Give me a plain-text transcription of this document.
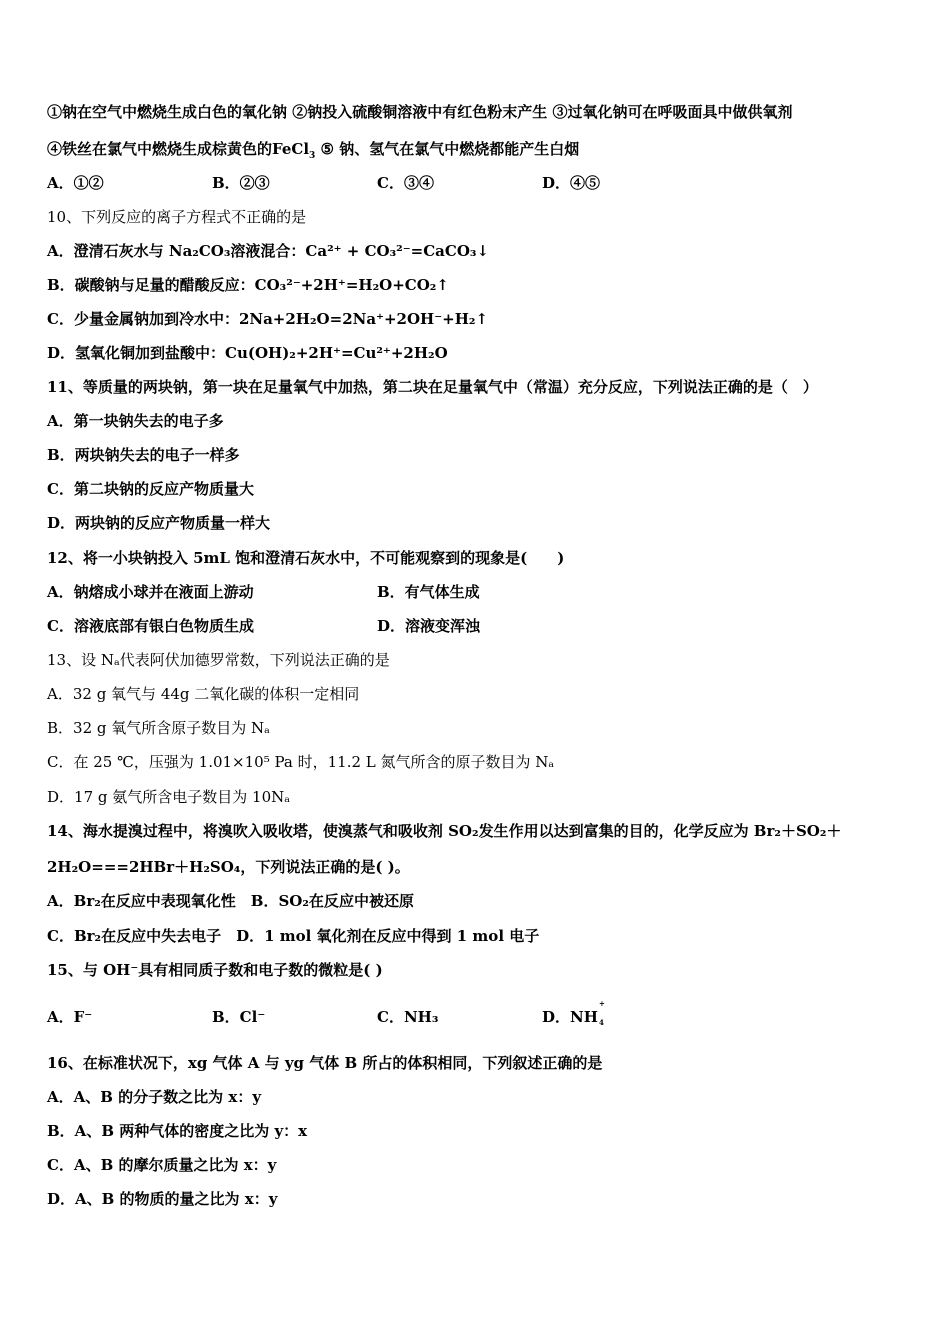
①钠在空气中燃烧生成白色的氧化钠 ②钠投入硫酸铜溶液中有红色粉末产生 ③过氧化钠可在呼吸面具中做供氧剂
④铁丝在氯气中燃烧生成棕黄色的FeCl$_3$ ⑤ 钠、氢气在氯气中燃烧都能产生白烟
A．①②	B．②③	C．③④	D．④⑤
10、下列反应的离子方程式不正确的是
A．澄清石灰水与 Na₂CO₃溶液混合：Ca²⁺ + CO₃²⁻=CaCO₃↓
B．碳酸钠与足量的醋酸反应：CO₃²⁻+2H⁺=H₂O+CO₂↑
C．少量金属钠加到冷水中：2Na+2H₂O=2Na⁺+2OH⁻+H₂↑
D．氢氧化铜加到盐酸中：Cu(OH)₂+2H⁺=Cu²⁺+2H₂O
11、等质量的两块钠，第一块在足量氧气中加热，第二块在足量氧气中（常温）充分反应，下列说法正确的是（　）
A．第一块钠失去的电子多
B．两块钠失去的电子一样多
C．第二块钠的反应产物质量大
D．两块钠的反应产物质量一样大
12、将一小块钠投入 5mL 饱和澄清石灰水中，不可能观察到的现象是(　　)
A．钠熔成小球并在液面上游动	B．有气体生成
C．溶液底部有银白色物质生成	D．溶液变浑浊
13、设 Nₐ代表阿伏加德罗常数，下列说法正确的是
A．32 g 氧气与 44g 二氧化碳的体积一定相同
B．32 g 氧气所含原子数目为 Nₐ
C．在 25 ℃，压强为 1.01×10⁵ Pa 时，11.2 L 氮气所含的原子数目为 Nₐ
D．17 g 氨气所含电子数目为 10Nₐ
14、海水提溴过程中，将溴吹入吸收塔，使溴蒸气和吸收剂 SO₂发生作用以达到富集的目的，化学反应为 Br₂＋SO₂＋
2H₂O===2HBr＋H₂SO₄，下列说法正确的是( )。
A．Br₂在反应中表现氧化性　B．SO₂在反应中被还原
C．Br₂在反应中失去电子　D．1 mol 氧化剂在反应中得到 1 mol 电子
15、与 OH⁻具有相同质子数和电子数的微粒是( )
A．F⁻	B．Cl⁻	C．NH₃	D．NH
+
4
16、在标准状况下，xg 气体 A 与 yg 气体 B 所占的体积相同，下列叙述正确的是
A．A、B 的分子数之比为 x：y
B．A、B 两种气体的密度之比为 y：x
C．A、B 的摩尔质量之比为 x：y
D．A、B 的物质的量之比为 x：y
